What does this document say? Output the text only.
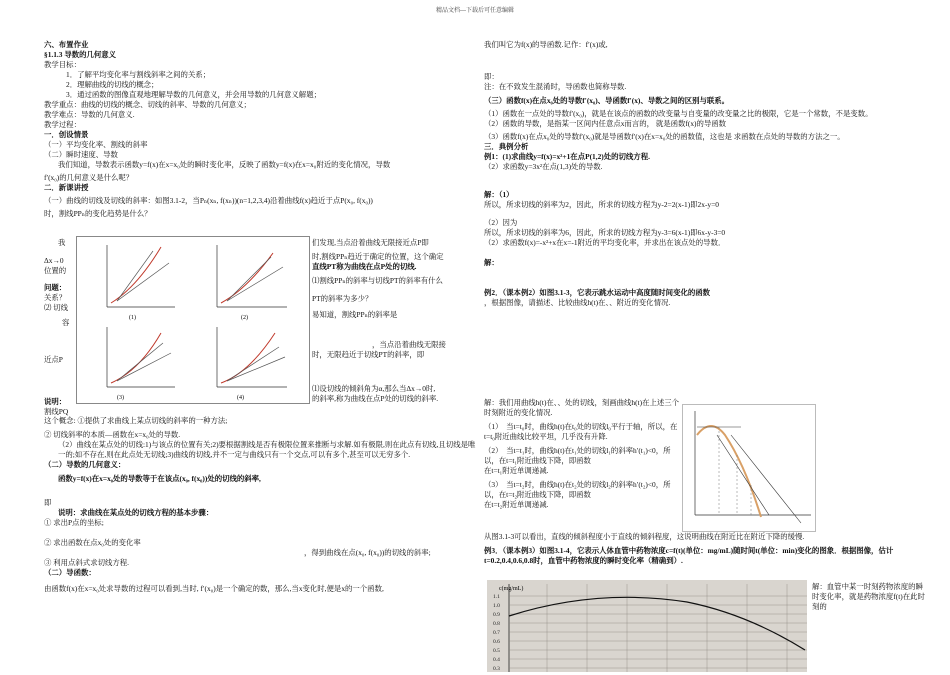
精品文档---下载后可任意编辑

六、布置作业

§1.1.3 导数的几何意义

教学目标：

1．了解平均变化率与割线斜率之间的关系；

2．理解曲线的切线的概念；

3．通过函数的图像直观地理解导数的几何意义，并会用导数的几何意义解题；

教学重点：曲线的切线的概念、切线的斜率、导数的几何意义；

教学难点：导数的几何意义.

教学过程：

一．创设情景

（一）平均变化率、割线的斜率

（二）瞬时速度、导数

我们知道，导数表示函数y=f(x)在x=x₀处的瞬时变化率，反映了函数y=f(x)在x=x₀附近的变化情况，导数

f′(x₀)的几何意义是什么呢？

二．新课讲授

（一）曲线的切线及切线的斜率：如图3.1-2，当Pₙ(xₙ, f(xₙ))(n=1,2,3,4)沿着曲线f(x)趋近于点P(x₀, f(x₀))

时，割线PPₙ的变化趋势是什么？

我
Δx→0
位置的
问题：
关系？
⑵ 切线
容
近点P
说明：
割线PQ
(1)	(2)
(3)	(4)

们发现,当点沿着曲线无限接近点P即

时,割线PPₙ趋近于确定的位置，这个确定

直线PT称为曲线在点P处的切线.

⑴割线PPₙ的斜率与切线PT的斜率有什么

PT的斜率为多少？

易知道，割线PPₙ的斜率是

，当点沿着曲线无限接

时，无限趋近于切线PT的斜率，即

⑴设切线的倾斜角为α,那么当Δx→0时,

的斜率,称为曲线在点P处的切线的斜率.

这个概念: ①提供了求曲线上某点切线的斜率的一种方法;

② 切线斜率的本质—函数在x=x₀处的导数.

（2）曲线在某点处的切线:1)与该点的位置有关;2)要根据割线是否有极限位置来推断与求解.如有极限,则在此点有切线,且切线是唯一的;如不存在,则在此点处无切线;3)曲线的切线,并不一定与曲线只有一个交点,可以有多个,甚至可以无穷多个.

（二）导数的几何意义：

函数y=f(x)在x=x₀处的导数等于在该点(x₀, f(x₀))处的切线的斜率,

即

说明：求曲线在某点处的切线方程的基本步骤：

① 求出P点的坐标;

② 求出函数在点x₀处的变化率

，得到曲线在点(x₀, f(x₀))的切线的斜率;

③ 利用点斜式求切线方程.

（二）导函数：

由函数f(x)在x=x₀处求导数的过程可以看到,当时, f′(x₀)是一个确定的数，那么,当x变化时,便是x的一个函数,

我们叫它为f(x)的导函数.记作：f′(x)或,

即：

注：在不致发生混淆时，导函数也简称导数.

（三）函数f(x)在点x₀处的导数f′(x₀)、导函数f′(x)、导数之间的区别与联系。

（1）函数在一点处的导数f′(x₀)，就是在该点的函数的改变量与自变量的改变量之比的极限，它是一个常数，不是变数。

（2）函数的导数，是指某一区间内任意点x而言的， 就是函数f(x)的导函数

（3）函数f(x)在点x₀处的导数f′(x₀)就是导函数f′(x)在x=x₀处的函数值，这也是 求函数在点处的导数的方法之一。

三．典例分析

例1：(1)求曲线y=f(x)=x²+1在点P(1,2)处的切线方程.

（2）求函数y=3x²在点(1,3)处的导数.

解：（1）

所以，所求切线的斜率为2，因此，所求的切线方程为y-2=2(x-1)即2x-y=0

（2）因为

所以，所求切线的斜率为6，因此，所求的切线方程为y-3=6(x-1)即6x-y-3=0

（2）求函数f(x)=-x²+x在x=-1附近的平均变化率，并求出在该点处的导数．

解：

例2．（课本例2）如图3.1-3，它表示跳水运动中高度随时间变化的函数

，根据图像，请描述、比较曲线h(t)在、、附近的变化情况.

解：我们用曲线h(t)在、、处的切线，刻画曲线h(t)在上述三个时刻附近的变化情况.

（1）　当t=t₀时，曲线h(t)在t₀处的切线l₀平行于轴，所以，在t=t₀附近曲线比较平坦，几乎没有升降.

（2）　当t=t₁时，曲线h(t)在t₁处的切线l₁的斜率h′(t₁)<0，所以，在t=t₁附近曲线下降，即函数

在t=t₁附近单调递减.

（3）　当t=t₂时，曲线h(t)在t₂处的切线l₂的斜率h′(t₂)<0，所以，在t=t₂附近曲线下降，即函数

在t=t₂附近单调递减.

从图3.1-3可以看出，直线的倾斜程度小于直线的倾斜程度，这说明曲线在附近比在附近下降的缓慢.

例3．（课本例3）如图3.1-4，它表示人体血管中药物浓度c=f(t)(单位：mg/mL)随时间t(单位：min)变化的图象．根据图像，估计t=0.2,0.4,0.6,0.8时，血管中药物浓度的瞬时变化率（精确到）.

c(mg/mL)
1.1
1.0
0.9
0.8
0.7
0.6
0.5
0.4
0.3

解：血管中某一时刻药物浓度的瞬时变化率，就是药物浓度f(t)在此时刻的
